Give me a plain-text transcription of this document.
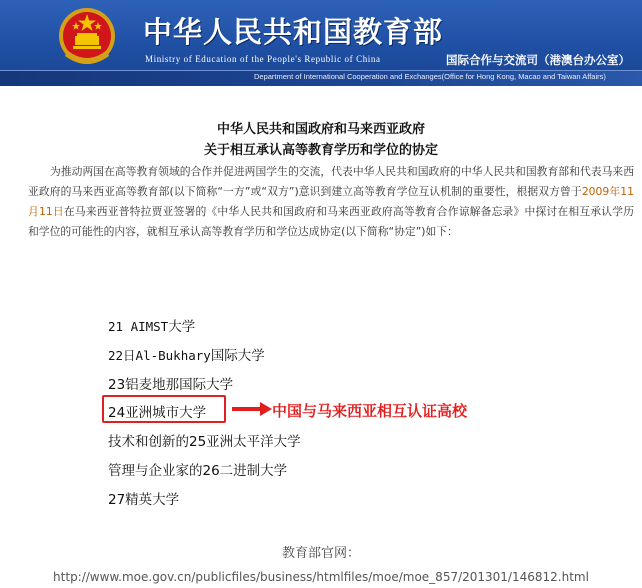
中华人民共和国教育部
Ministry of Education of the People's Republic of China	国际合作与交流司（港澳台办公室）
Department of International Cooperation and Exchanges(Office for Hong Kong, Macao and Taiwan Affairs)
中华人民共和国政府和马来西亚政府
关于相互承认高等教育学历和学位的协定
为推动两国在高等教育领域的合作并促进两国学生的交流，代表中华人民共和国政府的中华人民共和国教育部和代表马来西亚政府的马来西亚高等教育部(以下简称“一方”或“双方”)意识到建立高等教育学位互认机制的重要性，根据双方曾于2009年11月11日在马来西亚普特拉贾亚签署的《中华人民共和国政府和马来西亚政府高等教育合作谅解备忘录》中探讨在相互承认学历和学位的可能性的内容，就相互承认高等教育学历和学位达成协定(以下简称“协定”)如下：
21 AIMST大学
22日Al-Bukhary国际大学
23铝麦地那国际大学
24亚洲城市大学
技术和创新的25亚洲太平洋大学
管理与企业家的26二进制大学
27精英大学
中国与马来西亚相互认证高校
教育部官网：
http://www.moe.gov.cn/publicfiles/business/htmlfiles/moe/moe_857/201301/146812.html
